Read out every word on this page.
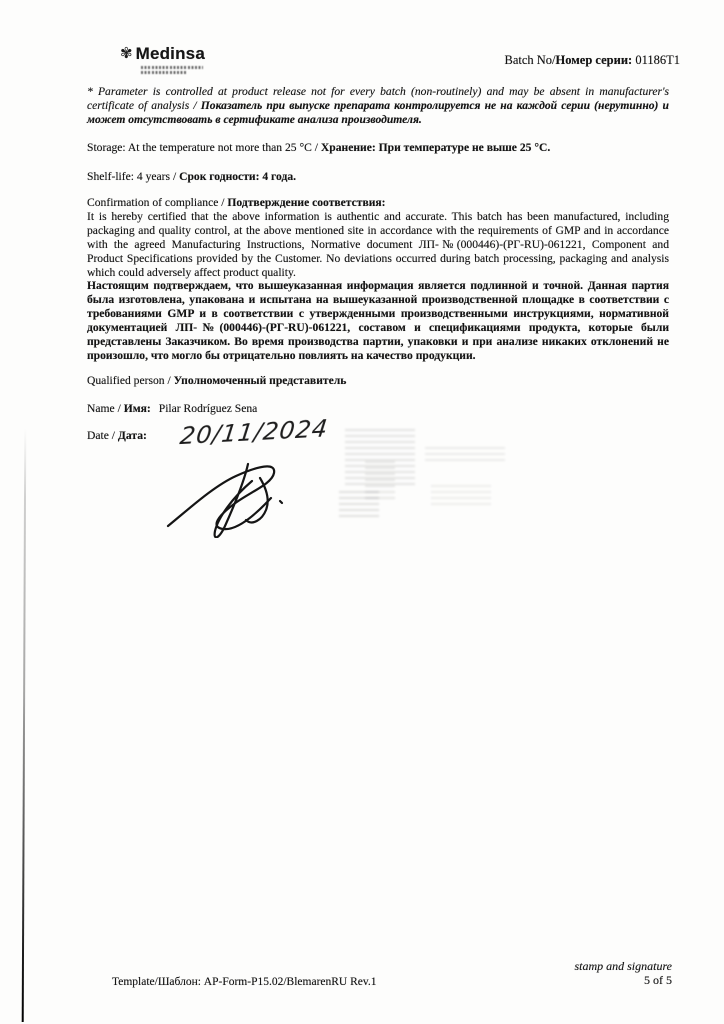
✾ Medinsa	Batch No/Номер серии: 01186T1

* Parameter is controlled at product release not for every batch (non-routinely) and may be absent in manufacturer's certificate of analysis / Показатель при выпуске препарата контролируется не на каждой серии (нерутинно) и может отсутствовать в сертификате анализа производителя.

Storage: At the temperature not more than 25 °C / Хранение: При температуре не выше 25 °С.

Shelf-life: 4 years / Срок годности: 4 года.

Confirmation of compliance / Подтверждение соответствия:
It is hereby certified that the above information is authentic and accurate. This batch has been manufactured, including packaging and quality control, at the above mentioned site in accordance with the requirements of GMP and in accordance with the agreed Manufacturing Instructions, Normative document ЛП-№(000446)-(РГ-RU)-061221, Component and Product Specifications provided by the Customer. No deviations occurred during batch processing, packaging and analysis which could adversely affect product quality.
Настоящим подтверждаем, что вышеуказанная информация является подлинной и точной. Данная партия была изготовлена, упакована и испытана на вышеуказанной производственной площадке в соответствии с требованиями GMP и в соответствии с утвержденными производственными инструкциями, нормативной документацией ЛП-№(000446)-(РГ-RU)-061221, составом и спецификациями продукта, которые были представлены Заказчиком. Во время производства партии, упаковки и при анализе никаких отклонений не произошло, что могло бы отрицательно повлиять на качество продукции.

Qualified person / Уполномоченный представитель

Name / Имя: Pilar Rodríguez Sena

Date / Дата:	20/11/2024
stamp and signature
5 of 5
Template/Шаблон: AP-Form-P15.02/BlemarenRU Rev.1
